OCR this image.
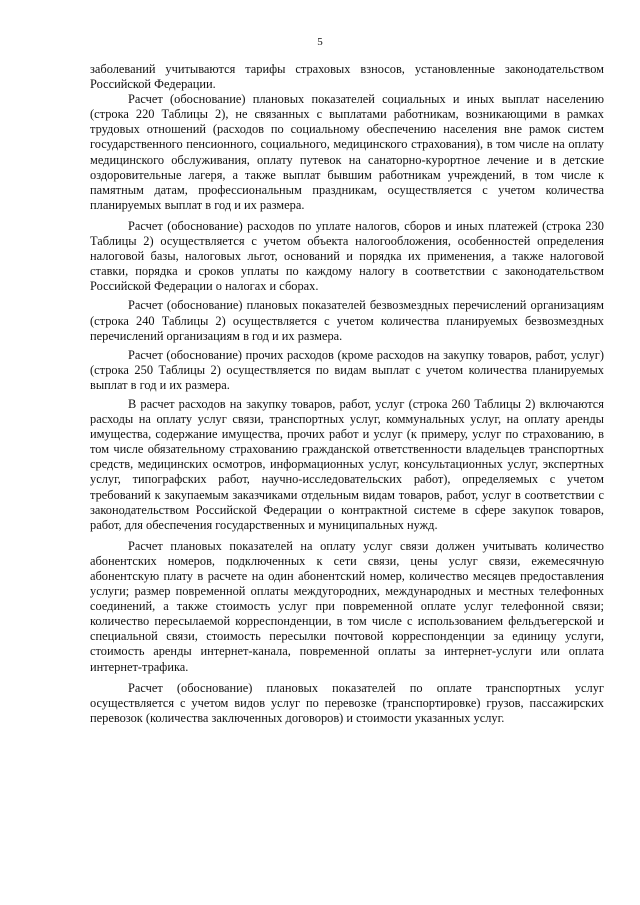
5

заболеваний учитываются тарифы страховых взносов, установленные законодательством Российской Федерации.

Расчет (обоснование) плановых показателей социальных и иных выплат населению (строка 220 Таблицы 2), не связанных с выплатами работникам, возникающими в рамках трудовых отношений (расходов по социальному обеспечению населения вне рамок систем государственного пенсионного, социального, медицинского страхования), в том числе на оплату медицинского обслуживания, оплату путевок на санаторно-курортное лечение и в детские оздоровительные лагеря, а также выплат бывшим работникам учреждений, в том числе к памятным датам, профессиональным праздникам, осуществляется с учетом количества планируемых выплат в год и их размера.

Расчет (обоснование) расходов по уплате налогов, сборов и иных платежей (строка 230 Таблицы 2) осуществляется с учетом объекта налогообложения, особенностей определения налоговой базы, налоговых льгот, оснований и порядка их применения, а также налоговой ставки, порядка и сроков уплаты по каждому налогу в соответствии с законодательством Российской Федерации о налогах и сборах.

Расчет (обоснование) плановых показателей безвозмездных перечислений организациям (строка 240 Таблицы 2) осуществляется с учетом количества планируемых безвозмездных перечислений организациям в год и их размера.

Расчет (обоснование) прочих расходов (кроме расходов на закупку товаров, работ, услуг) (строка 250 Таблицы 2) осуществляется по видам выплат с учетом количества планируемых выплат в год и их размера.

В расчет расходов на закупку товаров, работ, услуг (строка 260 Таблицы 2) включаются расходы на оплату услуг связи, транспортных услуг, коммунальных услуг, на оплату аренды имущества, содержание имущества, прочих работ и услуг (к примеру, услуг по страхованию, в том числе обязательному страхованию гражданской ответственности владельцев транспортных средств, медицинских осмотров, информационных услуг, консультационных услуг, экспертных услуг, типографских работ, научно-исследовательских работ), определяемых с учетом требований к закупаемым заказчиками отдельным видам товаров, работ, услуг в соответствии с законодательством Российской Федерации о контрактной системе в сфере закупок товаров, работ, для обеспечения государственных и муниципальных нужд.

Расчет плановых показателей на оплату услуг связи должен учитывать количество абонентских номеров, подключенных к сети связи, цены услуг связи, ежемесячную абонентскую плату в расчете на один абонентский номер, количество месяцев предоставления услуги; размер повременной оплаты междугородних, международных и местных телефонных соединений, а также стоимость услуг при повременной оплате услуг телефонной связи; количество пересылаемой корреспонденции, в том числе с использованием фельдъегерской и специальной связи, стоимость пересылки почтовой корреспонденции за единицу услуги, стоимость аренды интернет-канала, повременной оплаты за интернет-услуги или оплата интернет-трафика.

Расчет (обоснование) плановых показателей по оплате транспортных услуг осуществляется с учетом видов услуг по перевозке (транспортировке) грузов, пассажирских перевозок (количества заключенных договоров) и стоимости указанных услуг.
